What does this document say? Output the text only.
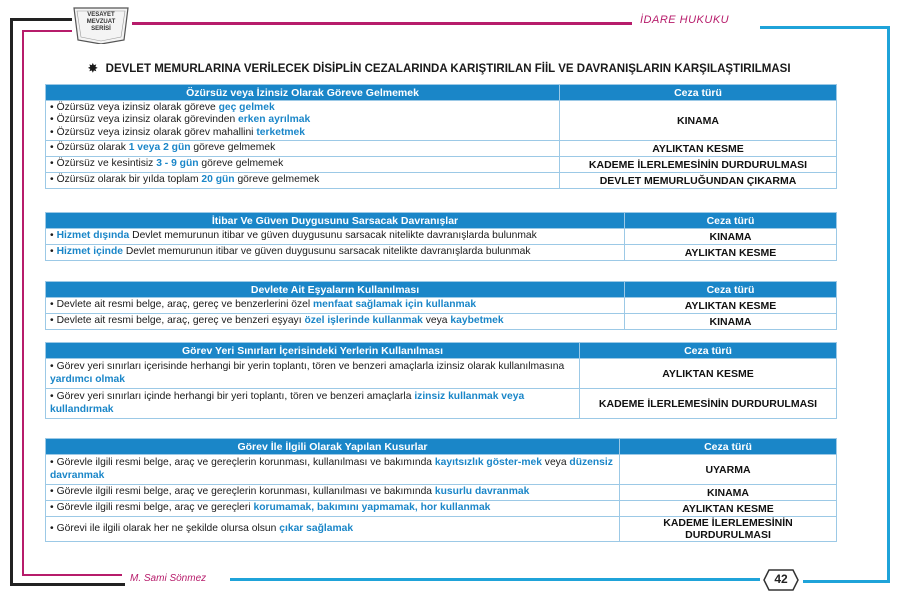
VESAYET
MEVZUAT
SERİSİ
İDARE HUKUKU
✸ DEVLET MEMURLARINA VERİLECEK DİSİPLİN CEZALARINDA KARIŞTIRILAN FİİL VE DAVRANIŞLARIN KARŞILAŞTIRILMASI
Özürsüz veya İzinsiz Olarak Göreve Gelmemek	Ceza türü

• Özürsüz veya izinsiz olarak göreve geç gelmek
• Özürsüz veya izinsiz olarak görevinden erken ayrılmak
• Özürsüz veya izinsiz olarak görev mahallini terketmek	KINAMA

• Özürsüz olarak 1 veya 2 gün göreve gelmemek	AYLIKTAN KESME

• Özürsüz ve kesintisiz 3 - 9 gün göreve gelmemek	KADEME İLERLEMESİNİN DURDURULMASI

• Özürsüz olarak bir yılda toplam 20 gün göreve gelmemek	DEVLET MEMURLUĞUNDAN ÇIKARMA
İtibar Ve Güven Duygusunu Sarsacak Davranışlar	Ceza türü

• Hizmet dışında Devlet memurunun itibar ve güven duygusunu sarsacak nitelikte davranışlarda bulunmak	KINAMA

• Hizmet içinde Devlet memurunun itibar ve güven duygusunu sarsacak nitelikte davranışlarda bulunmak	AYLIKTAN KESME
Devlete Ait Eşyaların Kullanılması	Ceza türü

• Devlete ait resmi belge, araç, gereç ve benzerlerini özel menfaat sağlamak için kullanmak	AYLIKTAN KESME

• Devlete ait resmi belge, araç, gereç ve benzeri eşyayı özel işlerinde kullanmak veya kaybetmek	KINAMA
Görev Yeri Sınırları İçerisindeki Yerlerin Kullanılması	Ceza türü

• Görev yeri sınırları içerisinde herhangi bir yerin toplantı, tören ve benzeri amaçlarla izinsiz olarak kullanılmasına yardımcı olmak	AYLIKTAN KESME

• Görev yeri sınırları içinde herhangi bir yeri toplantı, tören ve benzeri amaçlarla izinsiz kullanmak veya kullandırmak	KADEME İLERLEMESİNİN DURDURULMASI
Görev İle İlgili Olarak Yapılan Kusurlar	Ceza türü

• Görevle ilgili resmi belge, araç ve gereçlerin korunması, kullanılması ve bakımında kayıtsızlık göster-mek veya düzensiz davranmak	UYARMA

• Görevle ilgili resmi belge, araç ve gereçlerin korunması, kullanılması ve bakımında kusurlu davranmak	KINAMA

• Görevle ilgili resmi belge, araç ve gereçleri korumamak, bakımını yapmamak, hor kullanmak	AYLIKTAN KESME

• Görevi ile ilgili olarak her ne şekilde olursa olsun çıkar sağlamak	KADEME İLERLEMESİNİN DURDURULMASI
M. Sami Sönmez	42
